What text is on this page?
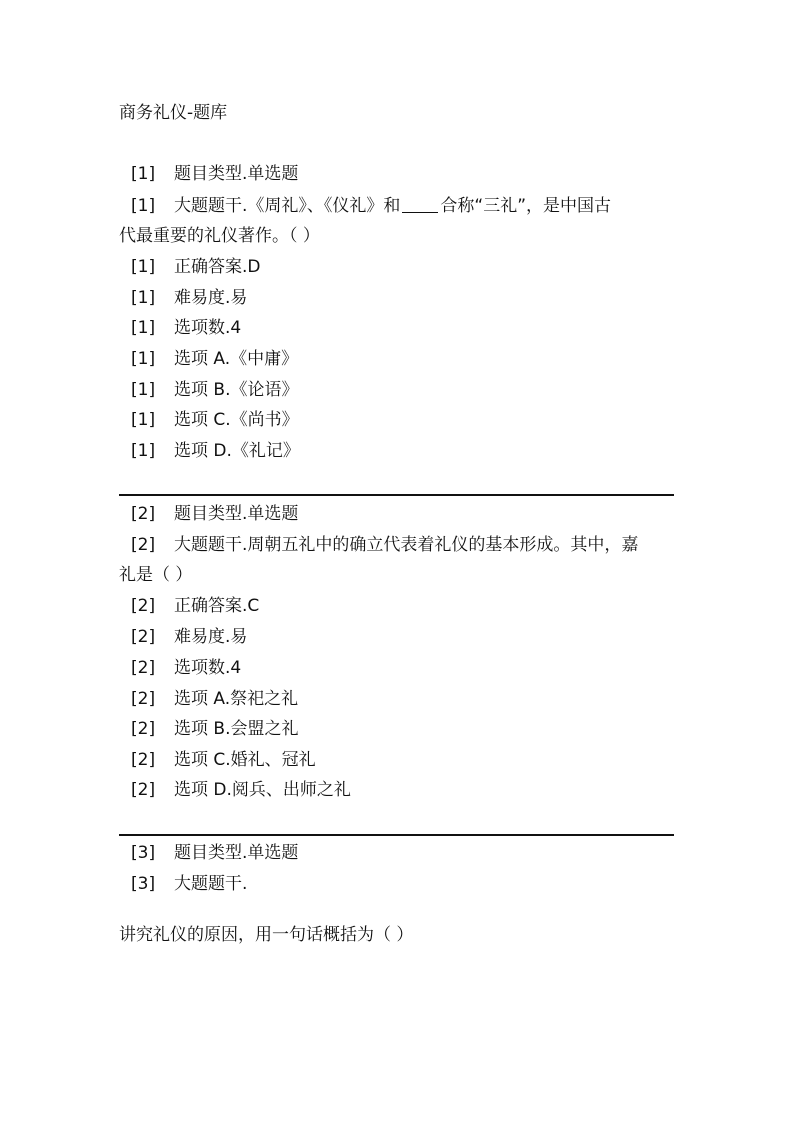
商务礼仪-题库
[1] 题目类型.单选题
[1] 大题题干.《周礼》、《仪礼》和 合称“三礼”，是中国古
代最重要的礼仪著作。（ ）
[1] 正确答案.D
[1] 难易度.易
[1] 选项数.4
[1] 选项 A.《中庸》
[1] 选项 B.《论语》
[1] 选项 C.《尚书》
[1] 选项 D.《礼记》
[2] 题目类型.单选题
[2] 大题题干.周朝五礼中的确立代表着礼仪的基本形成。其中，嘉
礼是（ ）
[2] 正确答案.C
[2] 难易度.易
[2] 选项数.4
[2] 选项 A.祭祀之礼
[2] 选项 B.会盟之礼
[2] 选项 C.婚礼、冠礼
[2] 选项 D.阅兵、出师之礼
[3] 题目类型.单选题
[3] 大题题干.
讲究礼仪的原因，用一句话概括为（ ）
